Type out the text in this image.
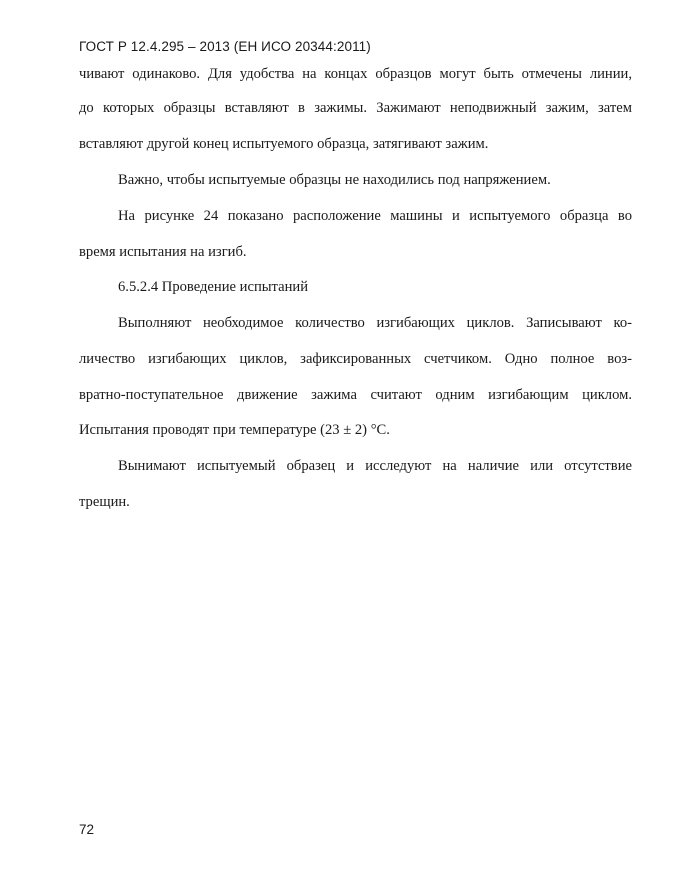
ГОСТ Р 12.4.295 – 2013 (ЕН ИСО 20344:2011)
чивают одинаково. Для удобства на концах образцов могут быть отмечены линии,
до которых образцы вставляют в зажимы. Зажимают неподвижный зажим, затем
вставляют другой конец испытуемого образца, затягивают зажим.
Важно, чтобы испытуемые образцы не находились под напряжением.
На рисунке 24 показано расположение машины и испытуемого образца во
время испытания на изгиб.
6.5.2.4 Проведение испытаний
Выполняют необходимое количество изгибающих циклов. Записывают ко-
личество изгибающих циклов, зафиксированных счетчиком. Одно полное воз-
вратно-поступательное движение зажима считают одним изгибающим циклом.
Испытания проводят при температуре (23 ± 2) °С.
Вынимают испытуемый образец и исследуют на наличие или отсутствие
трещин.
72
